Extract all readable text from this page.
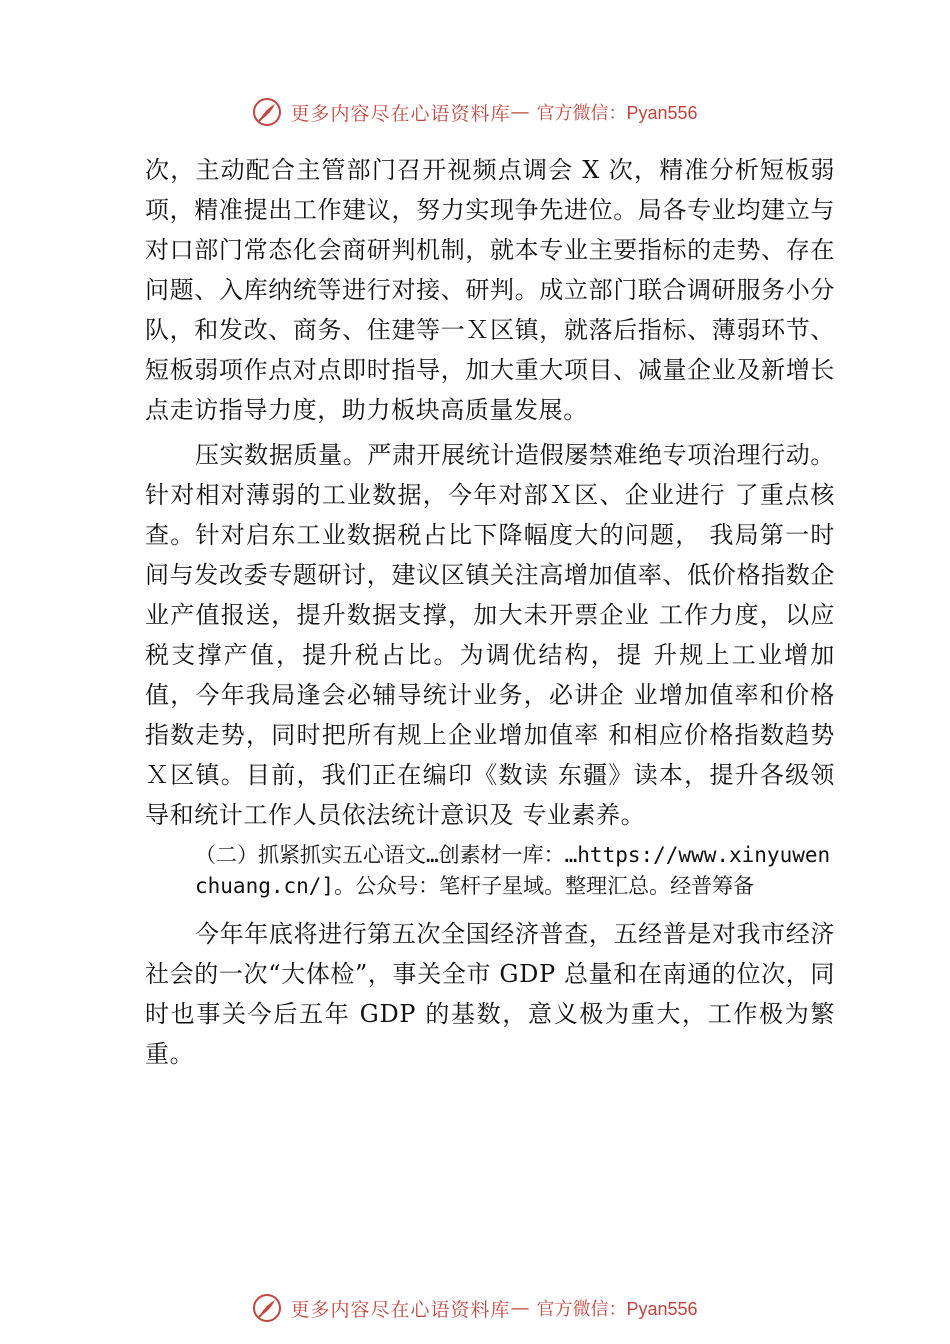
更多内容尽在心语资料库 — 官方微信：Pyan556

次，主动配合主管部门召开视频点调会 X 次，精准分析短板弱项，精准提出工作建议，努力实现争先进位。局各专业均建立与对口部门常态化会商研判机制，就本专业主要指标的走势、存在问题、入库纳统等进行对接、研判。成立部门联合调研服务小分队，和发改、商务、住建等一Ｘ区镇，就落后指标、薄弱环节、短板弱项作点对点即时指导，加大重大项目、减量企业及新增长点走访指导力度，助力板块高质量发展。

压实数据质量。严肃开展统计造假屡禁难绝专项治理行动。针对相对薄弱的工业数据，今年对部Ｘ区、企业进行 了重点核查。针对启东工业数据税占比下降幅度大的问题， 我局第一时间与发改委专题研讨，建议区镇关注高增加值率、低价格指数企业产值报送，提升数据支撑，加大未开票企业 工作力度，以应税支撑产值，提升税占比。为调优结构，提 升规上工业增加值，今年我局逢会必辅导统计业务，必讲企 业增加值率和价格指数走势，同时把所有规上企业增加值率 和相应价格指数趋势Ｘ区镇。目前，我们正在编印《数读 东疆》读本，提升各级领导和统计工作人员依法统计意识及 专业素养。

（二）抓紧抓实五心语文…创素材一库：…https://www.xinyuwenchuang.cn/]。公众号：笔杆子星域。整理汇总。经普筹备

今年年底将进行第五次全国经济普查，五经普是对我市经济社会的一次“大体检”，事关全市 GDP 总量和在南通的位次，同时也事关今后五年 GDP 的基数，意义极为重大，工作极为繁重。

更多内容尽在心语资料库 — 官方微信：Pyan556
